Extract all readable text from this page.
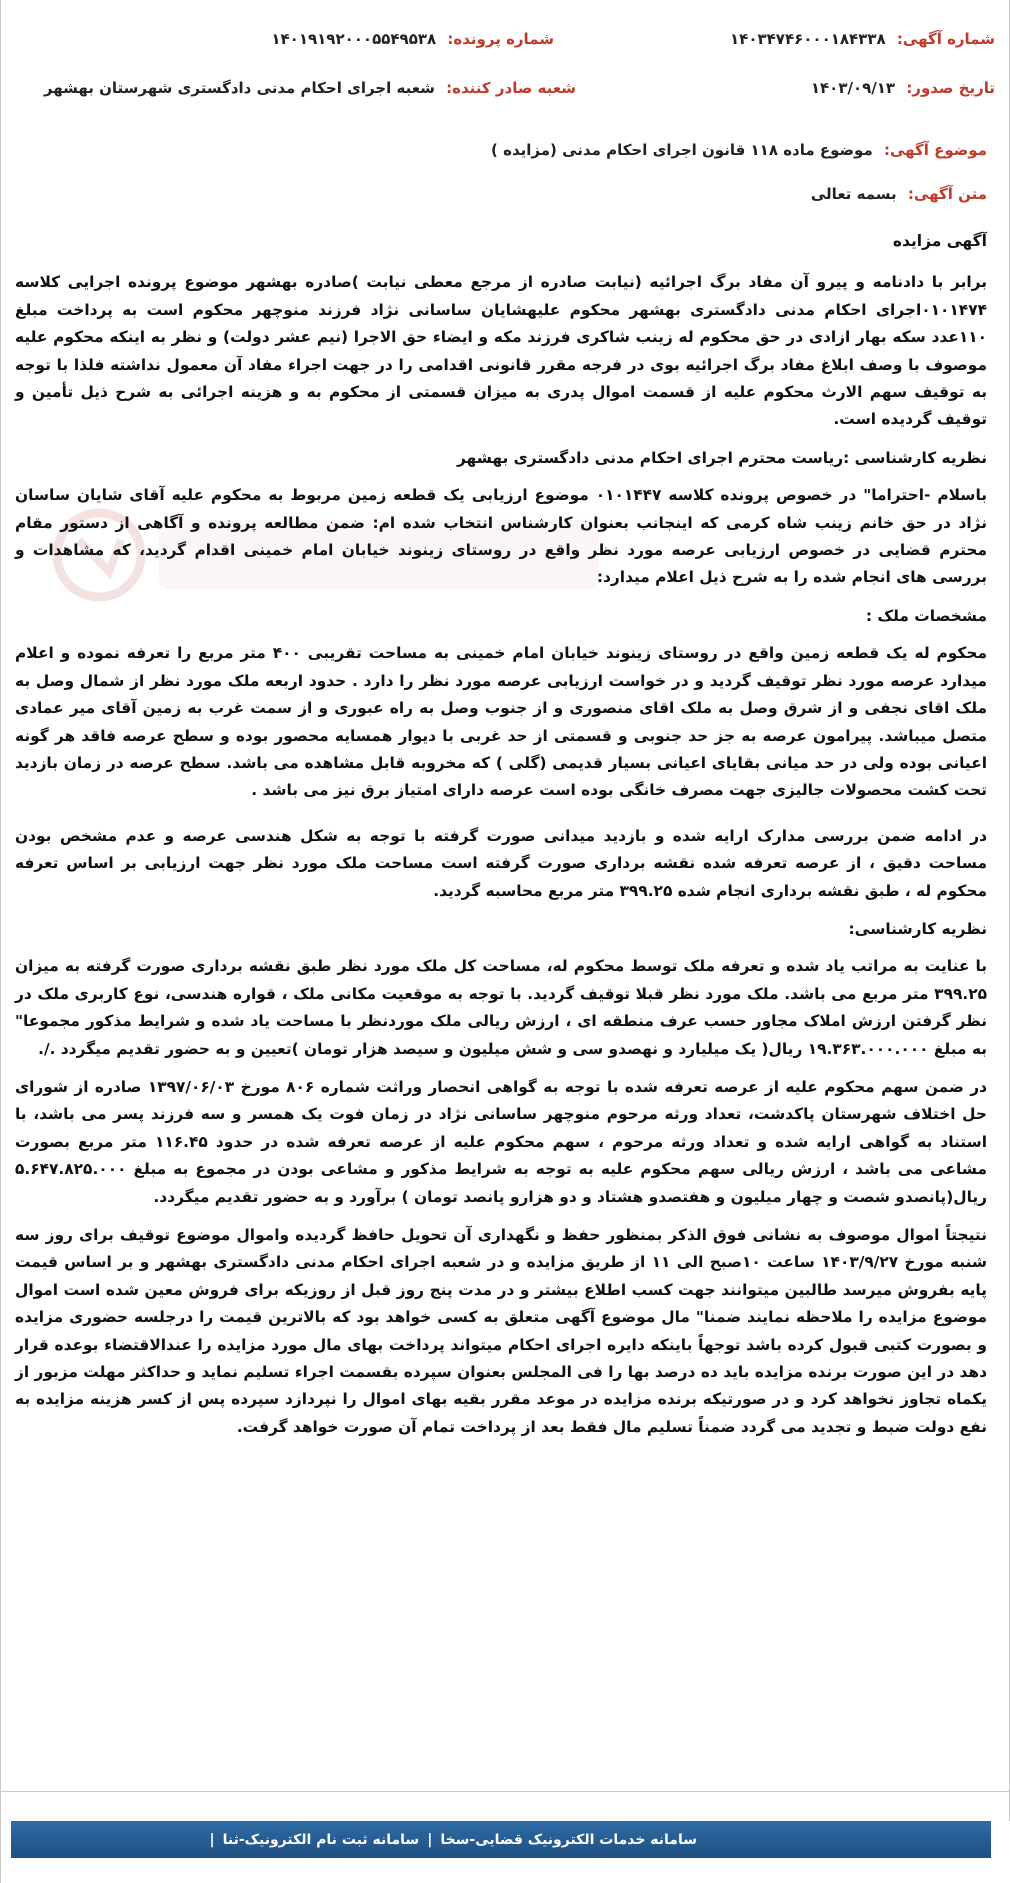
شماره آگهی: ۱۴۰۳۴۷۴۶۰۰۰۱۸۴۳۳۸
شماره پرونده: ۱۴۰۱۹۱۹۲۰۰۰۵۵۴۹۵۳۸
تاریخ صدور: ۱۴۰۳/۰۹/۱۳
شعبه صادر کننده: شعبه اجرای احکام مدنی دادگستری شهرستان بهشهر
موضوع آگهی: موضوع ماده ۱۱۸ قانون اجرای احکام مدنی (مزایده )
متن آگهی: بسمه تعالی

آگهی مزایده

برابر با دادنامه و پیرو آن مفاد برگ اجرائیه (نیابت صادره از مرجع معطی نیابت )صادره بهشهر موضوع پرونده اجرایی کلاسه ۰۱۰۱۴۷۴اجرای احکام مدنی دادگستری بهشهر محکوم علیهشایان ساسانی نژاد فرزند منوچهر محکوم است به پرداخت مبلغ ۱۱۰عدد سکه بهار ازادی در حق محکوم له زینب شاکری فرزند مکه و ایضاء حق الاجرا (نیم عشر دولت) و نظر به اینکه محکوم علیه موصوف با وصف ابلاغ مفاد برگ اجرائیه بوی در فرجه مقرر قانونی اقدامی را در جهت اجراء مفاد آن معمول نداشته فلذا با توجه به توقیف سهم الارث محکوم علیه از قسمت اموال پدری به میزان قسمتی از محکوم به و هزینه اجرائی به شرح ذیل تأمین و توقیف گردیده است.

نظریه کارشناسی :ریاست محترم اجرای احکام مدنی دادگستری بهشهر

باسلام -احتراما" در خصوص پرونده کلاسه ۰۱۰۱۴۴۷ موضوع ارزیابی یک قطعه زمین مربوط به محکوم علیه آقای شایان ساسان نژاد در حق خانم زینب شاه کرمی که اینجانب بعنوان کارشناس انتخاب شده ام: ضمن مطالعه پرونده و آگاهی از دستور مقام محترم قضایی در خصوص ارزیابی عرصه مورد نظر واقع در روستای زینوند خیابان امام خمینی اقدام گردید، که مشاهدات و بررسی های انجام شده را به شرح ذیل اعلام میدارد:

مشخصات ملک :

محکوم له یک قطعه زمین واقع در روستای زینوند خیابان امام خمینی به مساحت تقریبی ۴۰۰ متر مربع را تعرفه نموده و اعلام میدارد عرصه مورد نظر توقیف گردید و در خواست ارزیابی عرصه مورد نظر را دارد . حدود اربعه ملک مورد نظر از شمال وصل به ملک اقای نجفی و از شرق وصل به ملک اقای منصوری و از جنوب وصل به راه عبوری و از سمت غرب به زمین آقای میر عمادی متصل میباشد. پیرامون عرصه به جز حد جنوبی و قسمتی از حد غربی با دیوار همسایه محصور بوده و سطح عرصه فاقد هر گونه اعیانی بوده ولی در حد میانی بقایای اعیانی بسیار قدیمی (گلی ) که مخروبه قابل مشاهده می باشد. سطح عرصه در زمان بازدید تحت کشت محصولات جالیزی جهت مصرف خانگی بوده است عرصه دارای امتیاز برق نیز می باشد .

در ادامه ضمن بررسی مدارک ارایه شده و بازدید میدانی صورت گرفته با توجه به شکل هندسی عرصه و عدم مشخص بودن مساحت دقیق ، از عرصه تعرفه شده نقشه برداری صورت گرفته است مساحت ملک مورد نظر جهت ارزیابی بر اساس تعرفه محکوم له ، طبق نقشه برداری انجام شده ۳۹۹.۲۵ متر مربع محاسبه گردید.

نظریه کارشناسی:

با عنایت به مراتب یاد شده و تعرفه ملک توسط محکوم له، مساحت کل ملک مورد نظر طبق نقشه برداری صورت گرفته به میزان ۳۹۹.۲۵ متر مربع می باشد. ملک مورد نظر قبلا توقیف گردید. با توجه به موقعیت مکانی ملک ، قواره هندسی، نوع کاربری ملک در نظر گرفتن ارزش املاک مجاور حسب عرف منطقه ای ، ارزش ریالی ملک موردنظر با مساحت یاد شده و شرایط مذکور مجموعا" به مبلغ ۱۹.۳۶۳.۰۰۰.۰۰۰ ریال( یک میلیارد و نهصدو سی و شش میلیون و سیصد هزار تومان )تعیین و به حضور تقدیم میگردد ./.

در ضمن سهم محکوم علیه از عرصه تعرفه شده با توجه به گواهی انحصار وراثت شماره ۸۰۶ مورخ ۱۳۹۷/۰۶/۰۳ صادره از شورای حل اختلاف شهرستان پاکدشت، تعداد ورثه مرحوم منوچهر ساسانی نژاد در زمان فوت یک همسر و سه فرزند پسر می باشد، با استناد به گواهی ارایه شده و تعداد ورثه مرحوم ، سهم محکوم علیه از عرصه تعرفه شده در حدود ۱۱۶.۴۵ متر مربع بصورت مشاعی می باشد ، ارزش ریالی سهم محکوم علیه به توجه به شرایط مذکور و مشاعی بودن در مجموع به مبلغ ۵.۶۴۷.۸۲۵.۰۰۰ ریال(پانصدو شصت و چهار میلیون و هفتصدو هشتاد و دو هزارو پانصد تومان ) برآورد و به حضور تقدیم میگردد.

نتیجتاً اموال موصوف به نشانی فوق الذکر بمنظور حفظ و نگهداری آن تحویل حافظ گردیده واموال موضوع توقیف برای روز سه شنبه مورخ ۱۴۰۳/۹/۲۷ ساعت ۱۰صبح الی ۱۱ از طریق مزایده و در شعبه اجرای احکام مدنی دادگستری بهشهر و بر اساس قیمت پایه بفروش میرسد طالبین میتوانند جهت کسب اطلاع بیشتر و در مدت پنج روز قبل از روزیکه برای فروش معین شده است اموال موضوع مزایده را ملاحظه نمایند ضمنا" مال موضوع آگهی متعلق به کسی خواهد بود که بالاترین قیمت را درجلسه حضوری مزایده و بصورت کتبی قبول کرده باشد توجهاً باینکه دایره اجرای احکام میتواند پرداخت بهای مال مورد مزایده را عندالاقتضاء بوعده قرار دهد در این صورت برنده مزایده باید ده درصد بها را فی المجلس بعنوان سپرده بقسمت اجراء تسلیم نماید و حداکثر مهلت مزبور از یکماه تجاوز نخواهد کرد و در صورتیکه برنده مزایده در موعد مقرر بقیه بهای اموال را نپردازد سپرده پس از کسر هزینه مزایده به نفع دولت ضبط و تجدید می گردد ضمناً تسلیم مال فقط بعد از پرداخت تمام آن صورت خواهد گرفت.

سامانه خدمات الکترونیک قضایی-سخا
|
سامانه ثبت نام الکترونیک-ثنا
|
